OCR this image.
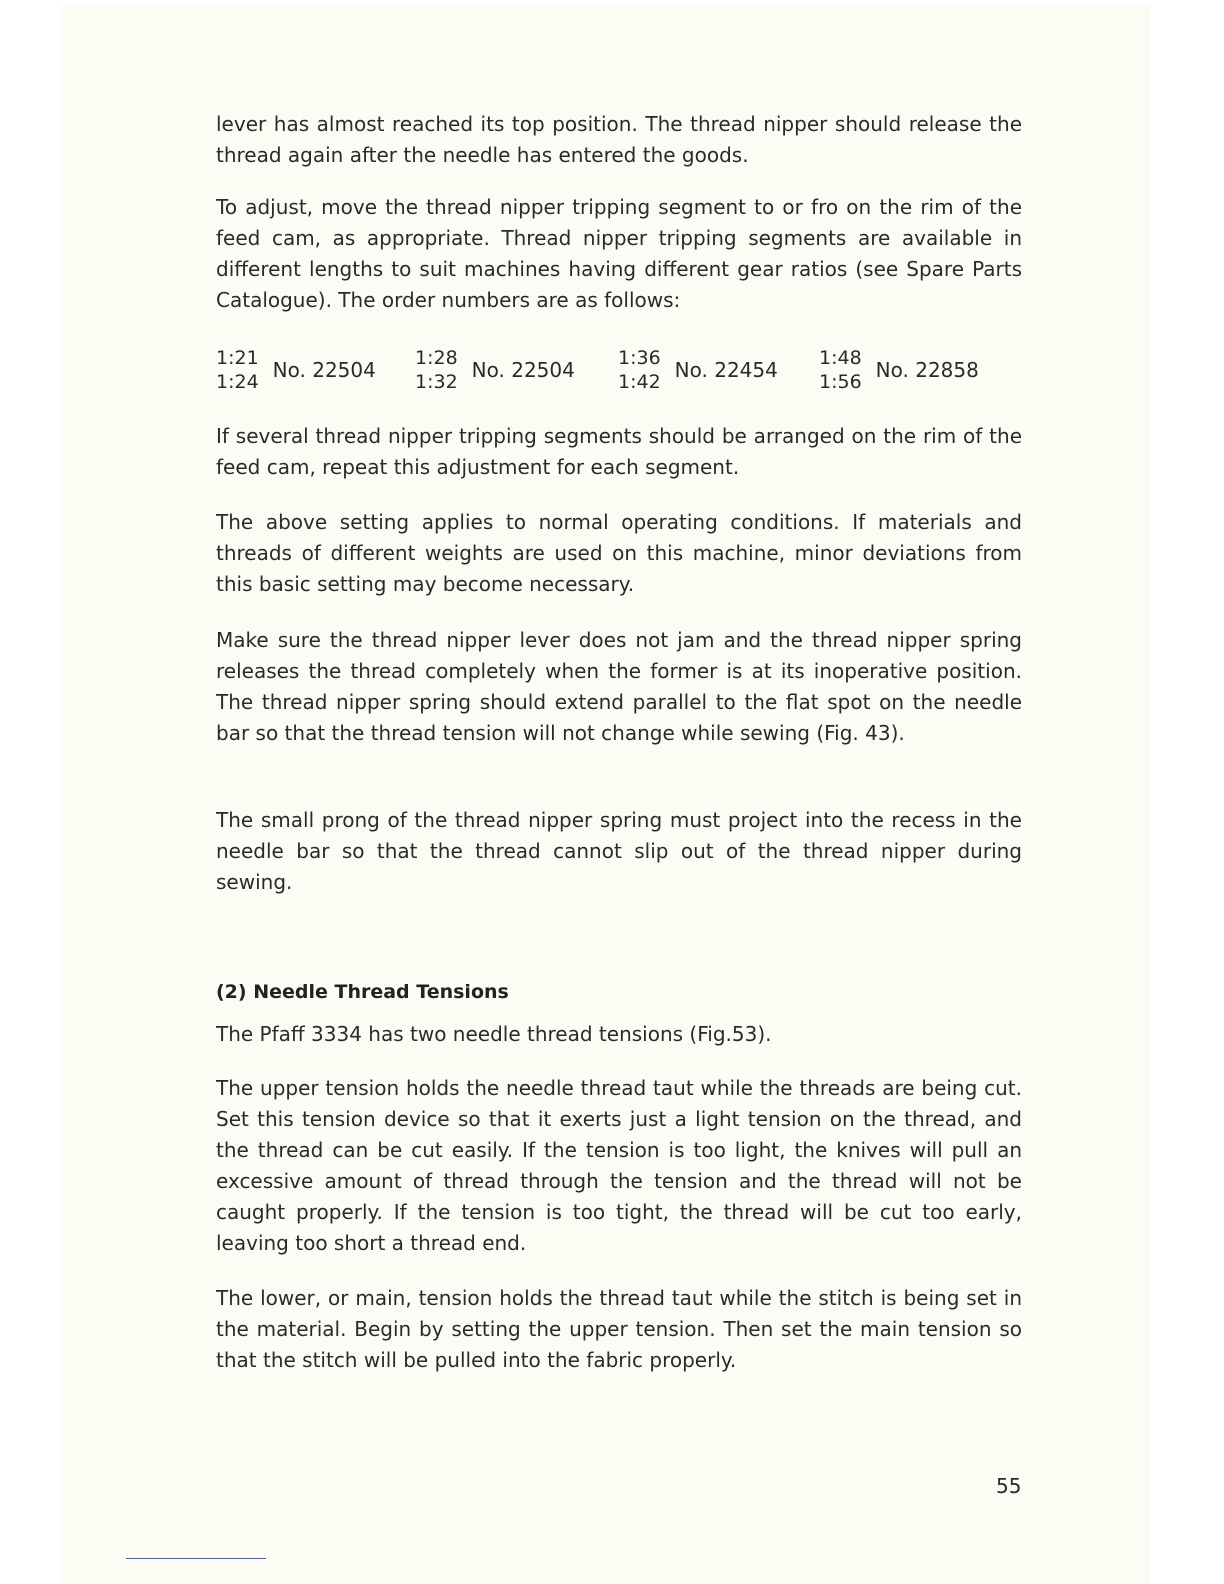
lever has almost reached its top position. The thread nipper should release the thread again after the needle has entered the goods.

To adjust, move the thread nipper tripping segment to or fro on the rim of the feed cam, as appropriate. Thread nipper tripping segments are available in different lengths to suit machines having different gear ratios (see Spare Parts Catalogue). The order numbers are as follows:

1:21
1:24 No. 22504 1:28
1:32 No. 22504 1:36
1:42 No. 22454 1:48
1:56 No. 22858

If several thread nipper tripping segments should be arranged on the rim of the feed cam, repeat this adjustment for each segment.

The above setting applies to normal operating conditions. If materials and threads of different weights are used on this machine, minor deviations from this basic setting may become necessary.

Make sure the thread nipper lever does not jam and the thread nipper spring releases the thread completely when the former is at its inoperative position. The thread nipper spring should extend parallel to the flat spot on the needle bar so that the thread tension will not change while sewing (Fig. 43).

The small prong of the thread nipper spring must project into the recess in the needle bar so that the thread cannot slip out of the thread nipper during sewing.

(2) Needle Thread Tensions

The Pfaff 3334 has two needle thread tensions (Fig.53).

The upper tension holds the needle thread taut while the threads are being cut. Set this tension device so that it exerts just a light tension on the thread, and the thread can be cut easily. If the tension is too light, the knives will pull an excessive amount of thread through the tension and the thread will not be caught properly. If the tension is too tight, the thread will be cut too early, leaving too short a thread end.

The lower, or main, tension holds the thread taut while the stitch is being set in the material. Begin by setting the upper tension. Then set the main tension so that the stitch will be pulled into the fabric properly.

55
